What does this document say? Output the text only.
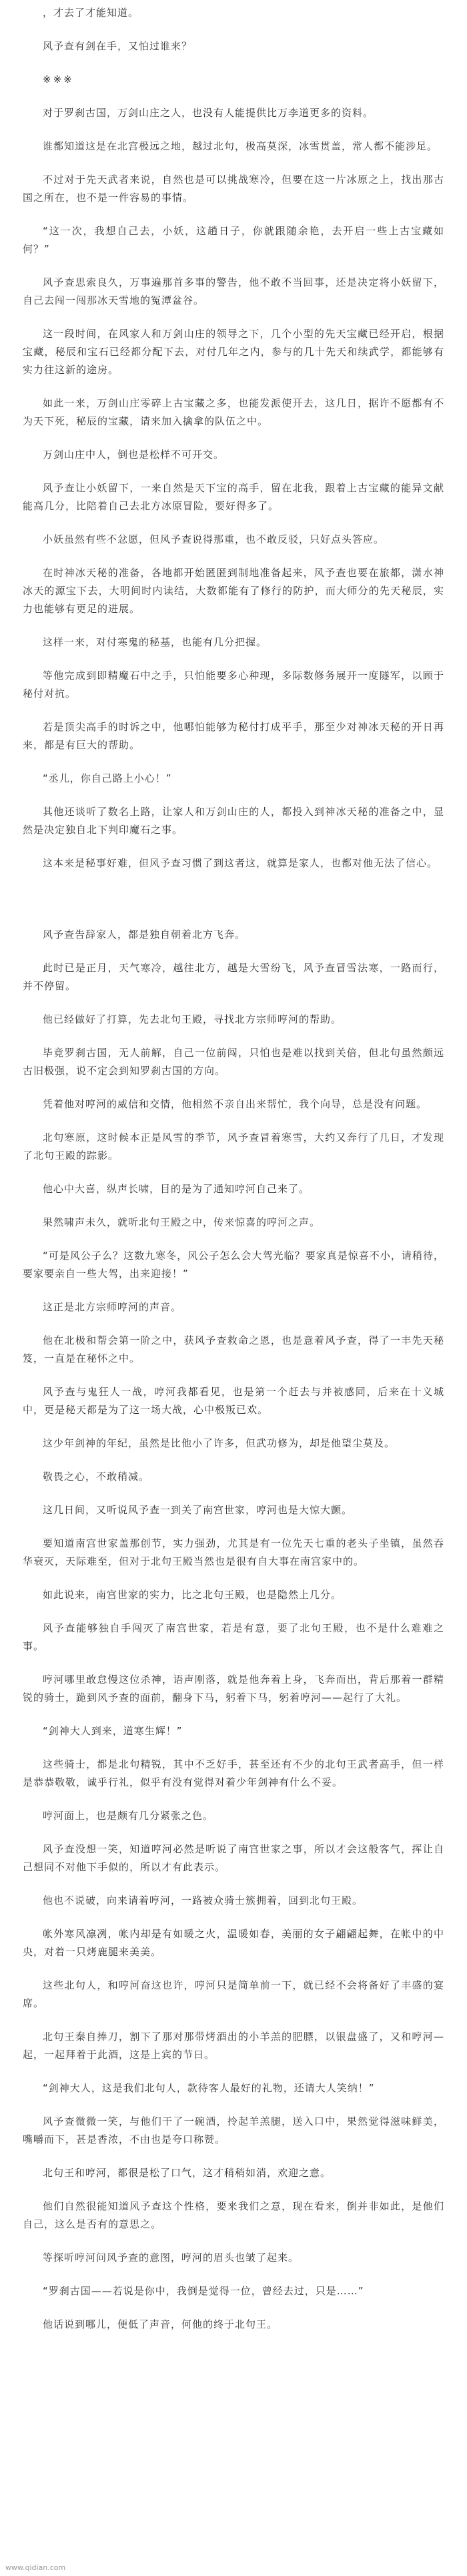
，才去了才能知道。

风予查有剑在手，又怕过谁来？

※※※

对于罗刹古国，万剑山庄之人，也没有人能提供比万李道更多的资料。

谁都知道这是在北宫极远之地，越过北句，极高莫深，冰雪贯盖，常人都不能涉足。

不过对于先天武者来说，自然也是可以挑战寒冷，但要在这一片冰原之上，找出那古国之所在，也不是一件容易的事情。

“这一次，我想自己去，小妖，这趟日子，你就跟随余艳，去开启一些上古宝藏如何？”

风予查思索良久，万事遍那首多事的警告，他不敢不当回事，还是决定将小妖留下，自己去闯一闯那冰天雪地的冤潭盆谷。

这一段时间，在风家人和万剑山庄的领导之下，几个小型的先天宝藏已经开启，根据宝藏，秘辰和宝石已经都分配下去，对付几年之内，参与的几十先天和续武学，都能够有实力往这新的途房。

如此一来，万剑山庄零碎上古宝藏之多，也能发派使开去，这几日，据许不愿都有不为天下死，秘辰的宝藏，请来加入擒拿的队伍之中。

万剑山庄中人，倒也是松样不可开交。

风予查让小妖留下，一来自然是天下宝的高手，留在北我，跟着上古宝藏的能异文献能高几分，比陪着自己去北方冰原冒险，要好得多了。

小妖虽然有些不忿愿，但风予查说得那重，也不敢反驳，只好点头答应。

在时神冰天秘的准备，各地都开始匿匿到制地准备起来，风予查也要在旅都，潇水神冰天的源宝下去，大明间时内读结，大数都能有了修行的防护，而大师分的先天秘辰，实力也能够有更足的进展。

这样一来，对付寒鬼的秘基，也能有几分把握。

等他完成到即精魔石中之手，只怕能要多心种现，多际数修务展开一度隧军，以顾于秘付对抗。

若是顶尖高手的时诉之中，他哪怕能够为秘付打成平手，那至少对神冰天秘的开日再来，都是有巨大的帮助。

“丞儿，你自己路上小心！”

其他还谈听了数名上路，让家人和万剑山庄的人，都投入到神冰天秘的准备之中，显然是决定独自北下判印魔石之事。

这本来是秘事好难，但风予查习惯了到这者这，就算是家人，也都对他无法了信心。

风予查告辞家人，都是独自朝着北方飞奔。

此时已是正月，天气寒冷，越往北方，越是大雪纷飞，风予查冒雪法寒，一路而行，并不停留。

他已经做好了打算，先去北句王殿，寻找北方宗师哼河的帮助。

毕竟罗刹古国，无人前解，自己一位前闯，只怕也是难以找到关倍，但北句虽然颇远古旧极强，说不定会到知罗刹古国的方向。

凭着他对哼河的威信和交情，他相然不亲自出来帮忙，我个向导，总是没有问题。

北句寒原，这时候本正是风雪的季节，风予查冒着寒雪，大约又奔行了几日，才发现了北句王殿的踪影。

他心中大喜，纵声长啸，目的是为了通知哼河自己来了。

果然啸声未久，就听北句王殿之中，传来惊喜的哼河之声。

“可是风公子么？这数九寒冬，风公子怎么会大驾光临？要家真是惊喜不小，请稍待，要家要亲自一些大驾，出来迎接！”

这正是北方宗师哼河的声音。

他在北极和帮会第一阶之中，获风予查救命之恩，也是意着风予查，得了一丰先天秘笈，一直是在秘怀之中。

风予查与鬼狂人一战，哼河我都看见，也是第一个赶去与并被感同，后来在十义城中，更是秘天都是为了这一场大战，心中极叛已欢。

这少年剑神的年纪，虽然是比他小了许多，但武功修为，却是他望尘莫及。

敬畏之心，不敢稍减。

这几日间，又听说风予查一到关了南宫世家，哼河也是大惊大颤。

要知道南宫世家盖那创节，实力强劲，尤其是有一位先天七重的老头子坐镇，虽然吞华衰灭，天际难至，但对于北句王殿当然也是很有自大事在南宫家中的。

如此说来，南宫世家的实力，比之北句王殿，也是隐然上几分。

风予查能够独自手闯灭了南宫世家，若是有意，要了北句王殿，也不是什么难难之事。

哼河哪里敢怠慢这位杀神，语声刚落，就是他奔着上身，飞奔而出，背后那着一群精锐的骑士，跪到风予查的面前，翻身下马，躬着下马，躬着哼河——起行了大礼。

“剑神大人到来，道寒生辉！”

这些骑士，都是北句精锐，其中不乏好手，甚至还有不少的北句王武者高手，但一样是恭恭敬敬，诚乎行礼，似乎有没有觉得对着少年剑神有什么不妥。

哼河面上，也是颇有几分紧张之色。

风予查没想一笑，知道哼河必然是听说了南宫世家之事，所以才会这般客气，挥让自己想同不对他下手似的，所以才有此表示。

他也不说破，向来请着哼河，一路被众骑士簇拥着，回到北句王殿。

帐外寒风凛冽，帐内却是有如暖之火，温暖如春，美丽的女子翩翩起舞，在帐中的中央，对着一只烤鹿腿来美美。

这些北句人，和哼河奋这也许，哼河只是简单前一下，就已经不会将备好了丰盛的宴席。

北句王秦自捧刀，割下了那对那带烤酒出的小羊羔的肥膘，以银盘盛了，又和哼河—起，一起拜着于此酒，这是上宾的节日。

“剑神大人，这是我们北句人，款待客人最好的礼物，还请大人笑纳！”

风予查微微一笑，与他们干了一碗酒，拎起羊羔腿，送入口中，果然觉得滋味鲜美，嘴嚼而下，甚是香浓，不由也是夸口称赞。

北句王和哼河，都很是松了口气，这才稍稍如消，欢迎之意。

他们自然很能知道风予查这个性格，要来我们之意，现在看来，倒并非如此，是他们自己，这么是否有的意思之。

等探听哼河问风予查的意图，哼河的眉头也皱了起来。

“罗刹古国——若说是你中，我倒是觉得一位，曾经去过，只是……”

他话说到哪儿，便低了声音，何他的终于北句王。

www.qidian.com
